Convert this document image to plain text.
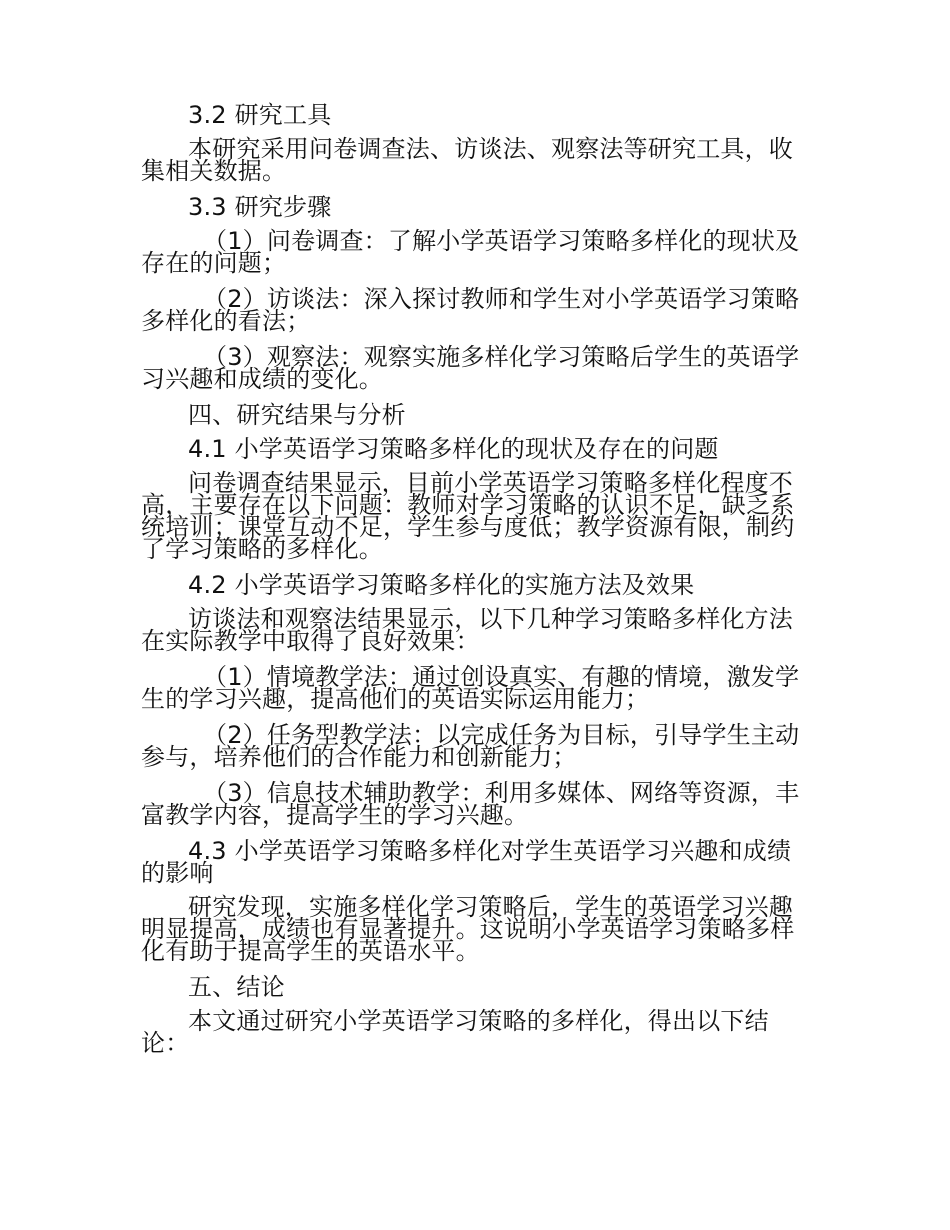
3.2 研究工具

本研究采用问卷调查法、访谈法、观察法等研究工具，收集相关数据。

3.3 研究步骤

（1）问卷调查：了解小学英语学习策略多样化的现状及存在的问题；

（2）访谈法：深入探讨教师和学生对小学英语学习策略多样化的看法；

（3）观察法：观察实施多样化学习策略后学生的英语学习兴趣和成绩的变化。

四、研究结果与分析

4.1 小学英语学习策略多样化的现状及存在的问题

问卷调查结果显示，目前小学英语学习策略多样化程度不高，主要存在以下问题：教师对学习策略的认识不足，缺乏系统培训；课堂互动不足，学生参与度低；教学资源有限，制约了学习策略的多样化。

4.2 小学英语学习策略多样化的实施方法及效果

访谈法和观察法结果显示，以下几种学习策略多样化方法在实际教学中取得了良好效果：

（1）情境教学法：通过创设真实、有趣的情境，激发学生的学习兴趣，提高他们的英语实际运用能力；

（2）任务型教学法：以完成任务为目标，引导学生主动参与，培养他们的合作能力和创新能力；

（3）信息技术辅助教学：利用多媒体、网络等资源，丰富教学内容，提高学生的学习兴趣。

4.3 小学英语学习策略多样化对学生英语学习兴趣和成绩的影响

研究发现，实施多样化学习策略后，学生的英语学习兴趣明显提高，成绩也有显著提升。这说明小学英语学习策略多样化有助于提高学生的英语水平。

五、结论

本文通过研究小学英语学习策略的多样化，得出以下结论：
